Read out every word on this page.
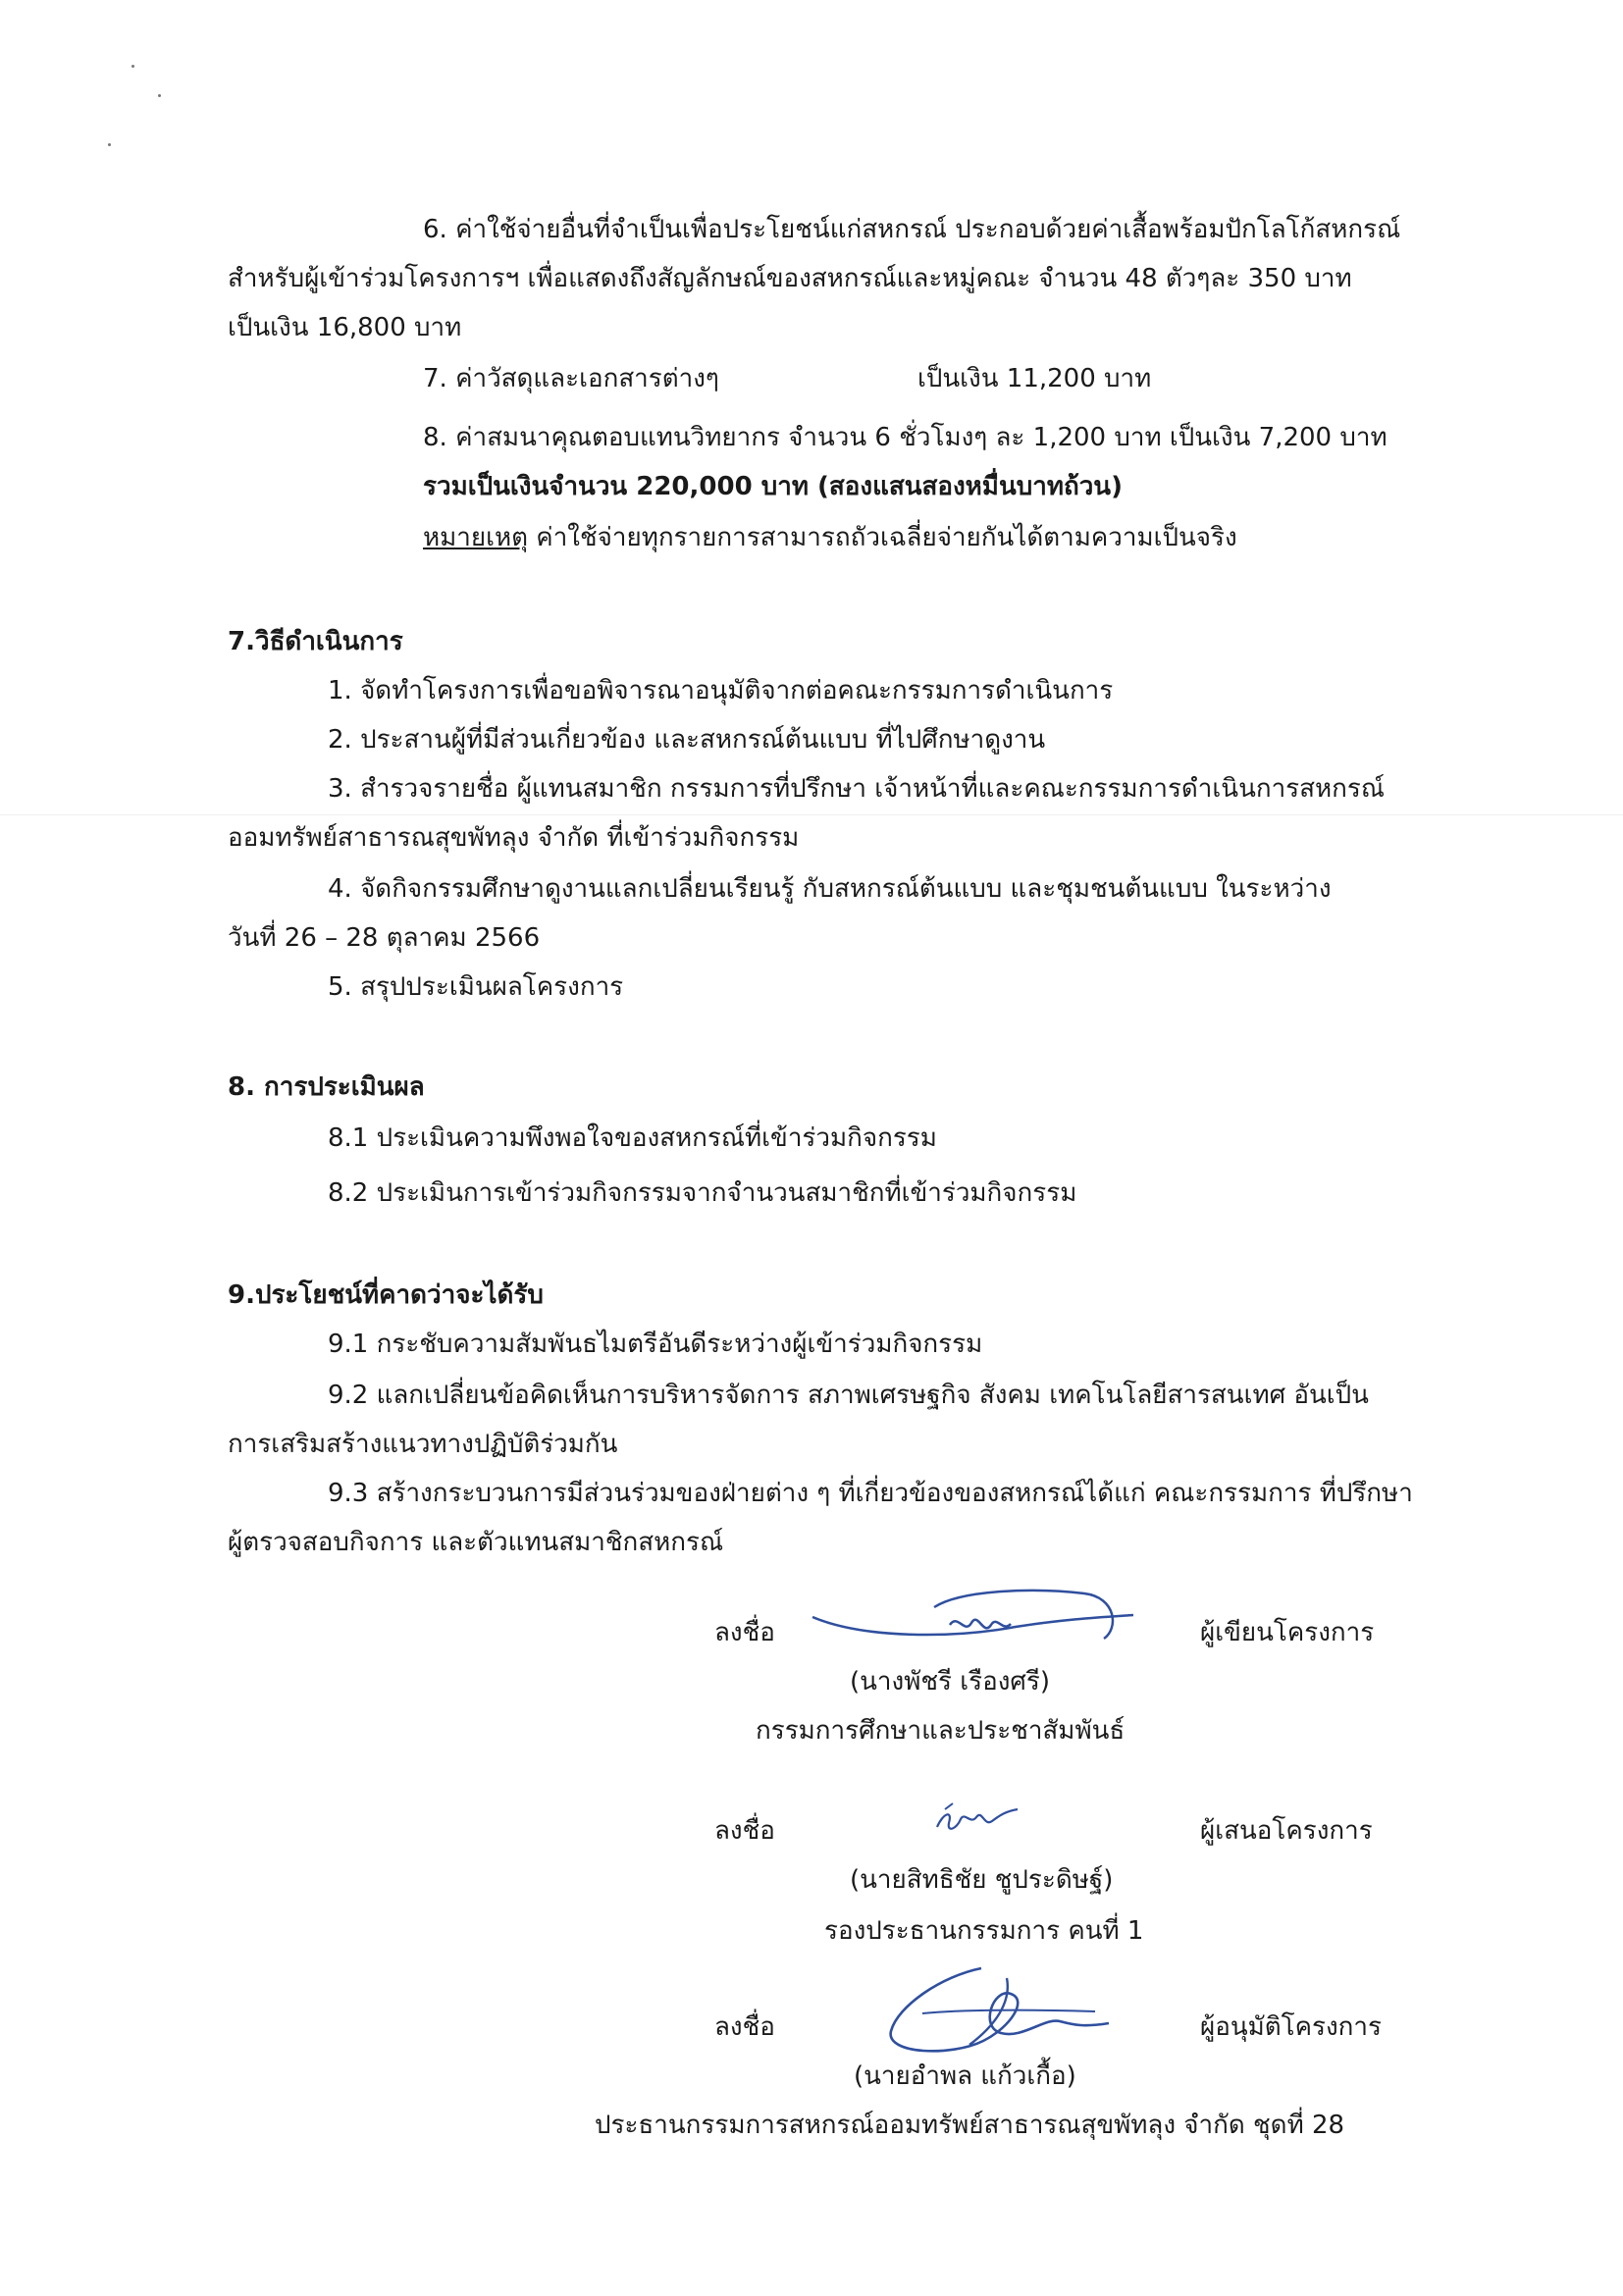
6. ค่าใช้จ่ายอื่นที่จำเป็นเพื่อประโยชน์แก่สหกรณ์ ประกอบด้วยค่าเสื้อพร้อมปักโลโก้สหกรณ์
สำหรับผู้เข้าร่วมโครงการฯ เพื่อแสดงถึงสัญลักษณ์ของสหกรณ์และหมู่คณะ จำนวน 48 ตัวๆละ 350 บาท
เป็นเงิน 16,800 บาท
7. ค่าวัสดุและเอกสารต่างๆ	เป็นเงิน 11,200 บาท
8. ค่าสมนาคุณตอบแทนวิทยากร จำนวน 6 ชั่วโมงๆ ละ 1,200 บาท เป็นเงิน 7,200 บาท
รวมเป็นเงินจำนวน 220,000 บาท (สองแสนสองหมื่นบาทถ้วน)
หมายเหตุ ค่าใช้จ่ายทุกรายการสามารถถัวเฉลี่ยจ่ายกันได้ตามความเป็นจริง
7.วิธีดำเนินการ
1. จัดทำโครงการเพื่อขอพิจารณาอนุมัติจากต่อคณะกรรมการดำเนินการ
2. ประสานผู้ที่มีส่วนเกี่ยวข้อง และสหกรณ์ต้นแบบ ที่ไปศึกษาดูงาน
3. สำรวจรายชื่อ ผู้แทนสมาชิก กรรมการที่ปรึกษา เจ้าหน้าที่และคณะกรรมการดำเนินการสหกรณ์
ออมทรัพย์สาธารณสุขพัทลุง จำกัด ที่เข้าร่วมกิจกรรม
4. จัดกิจกรรมศึกษาดูงานแลกเปลี่ยนเรียนรู้ กับสหกรณ์ต้นแบบ และชุมชนต้นแบบ ในระหว่าง
วันที่ 26 – 28 ตุลาคม 2566
5. สรุปประเมินผลโครงการ
8. การประเมินผล
8.1 ประเมินความพึงพอใจของสหกรณ์ที่เข้าร่วมกิจกรรม
8.2 ประเมินการเข้าร่วมกิจกรรมจากจำนวนสมาชิกที่เข้าร่วมกิจกรรม
9.ประโยชน์ที่คาดว่าจะได้รับ
9.1 กระชับความสัมพันธไมตรีอันดีระหว่างผู้เข้าร่วมกิจกรรม
9.2 แลกเปลี่ยนข้อคิดเห็นการบริหารจัดการ สภาพเศรษฐกิจ สังคม เทคโนโลยีสารสนเทศ อันเป็น
การเสริมสร้างแนวทางปฏิบัติร่วมกัน
9.3 สร้างกระบวนการมีส่วนร่วมของฝ่ายต่าง ๆ ที่เกี่ยวข้องของสหกรณ์ได้แก่ คณะกรรมการ ที่ปรึกษา
ผู้ตรวจสอบกิจการ และตัวแทนสมาชิกสหกรณ์
ลงชื่อ	ผู้เขียนโครงการ
(นางพัชรี เรืองศรี)
กรรมการศึกษาและประชาสัมพันธ์
ลงชื่อ	ผู้เสนอโครงการ
(นายสิทธิชัย ชูประดิษฐ์)
รองประธานกรรมการ คนที่ 1
ลงชื่อ	ผู้อนุมัติโครงการ
(นายอำพล แก้วเกื้อ)
ประธานกรรมการสหกรณ์ออมทรัพย์สาธารณสุขพัทลุง จำกัด ชุดที่ 28
